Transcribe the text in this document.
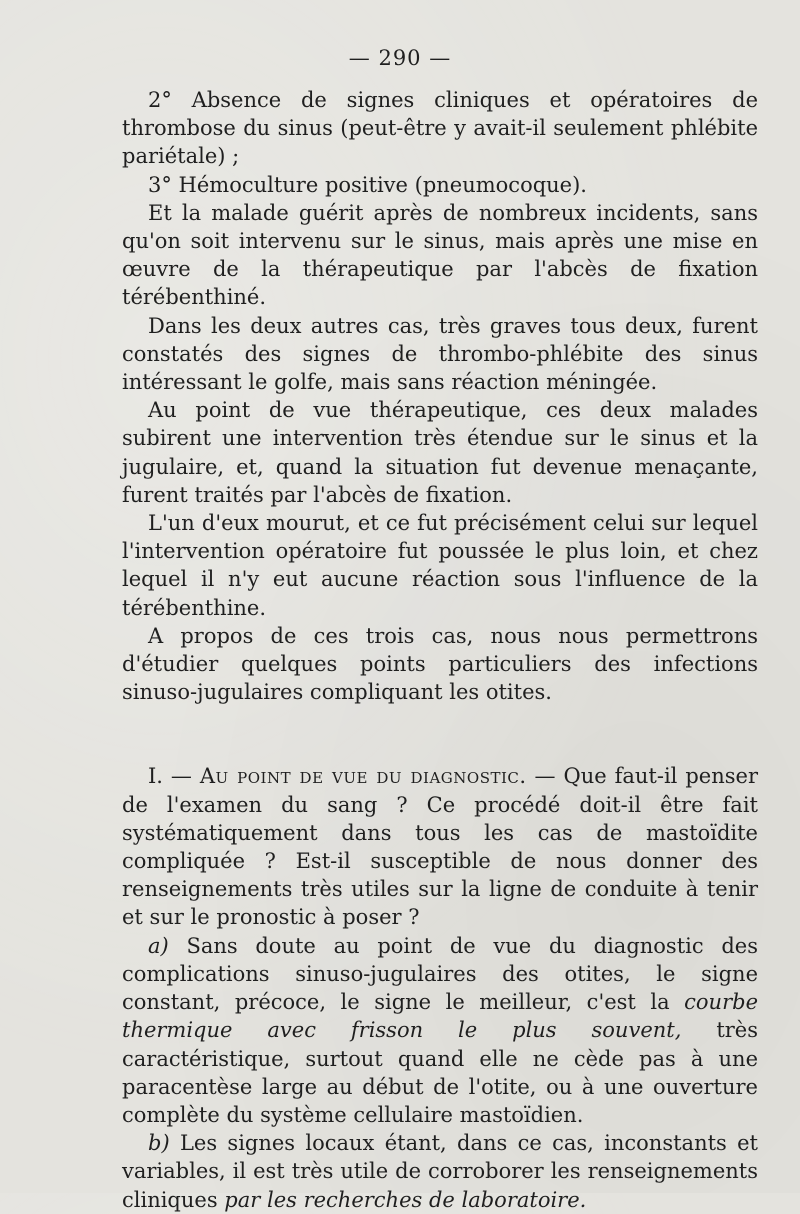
— 290 —

2° Absence de signes cliniques et opératoires de thrombose du sinus (peut-être y avait-il seulement phlébite pariétale) ;

3° Hémoculture positive (pneumocoque).

Et la malade guérit après de nombreux incidents, sans qu'on soit intervenu sur le sinus, mais après une mise en œuvre de la thérapeutique par l'abcès de fixation térébenthiné.

Dans les deux autres cas, très graves tous deux, furent constatés des signes de thrombo-phlébite des sinus intéressant le golfe, mais sans réaction méningée.

Au point de vue thérapeutique, ces deux malades subirent une intervention très étendue sur le sinus et la jugulaire, et, quand la situation fut devenue menaçante, furent traités par l'abcès de fixation.

L'un d'eux mourut, et ce fut précisément celui sur lequel l'intervention opératoire fut poussée le plus loin, et chez lequel il n'y eut aucune réaction sous l'influence de la térébenthine.

A propos de ces trois cas, nous nous permettrons d'étudier quelques points particuliers des infections sinuso-jugulaires compliquant les otites.

I. — Au point de vue du diagnostic. — Que faut-il penser de l'examen du sang ? Ce procédé doit-il être fait systématiquement dans tous les cas de mastoïdite compliquée ? Est-il susceptible de nous donner des renseignements très utiles sur la ligne de conduite à tenir et sur le pronostic à poser ?

a) Sans doute au point de vue du diagnostic des complications sinuso-jugulaires des otites, le signe constant, précoce, le signe le meilleur, c'est la courbe thermique avec frisson le plus souvent, très caractéristique, surtout quand elle ne cède pas à une paracentèse large au début de l'otite, ou à une ouverture complète du système cellulaire mastoïdien.

b) Les signes locaux étant, dans ce cas, inconstants et variables, il est très utile de corroborer les renseignements cliniques par les recherches de laboratoire.
